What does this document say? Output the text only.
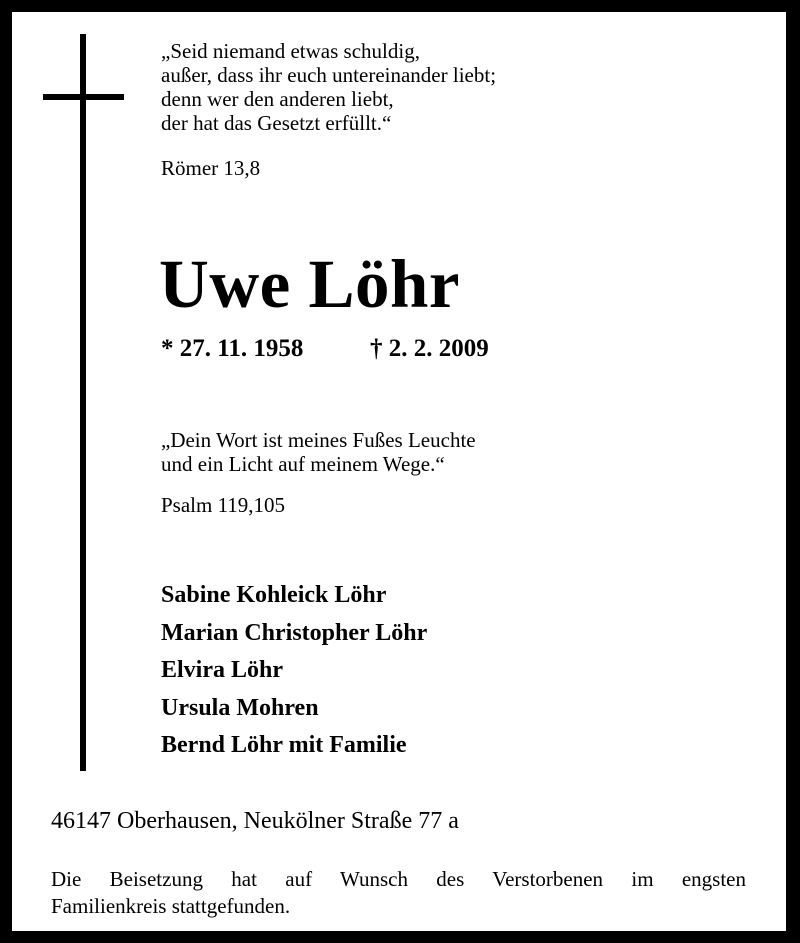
„Seid niemand etwas schuldig,
außer, dass ihr euch untereinander liebt;
denn wer den anderen liebt,
der hat das Gesetzt erfüllt.“
Römer 13,8
Uwe Löhr
* 27. 11. 1958	† 2. 2. 2009
„Dein Wort ist meines Fußes Leuchte
und ein Licht auf meinem Wege.“
Psalm 119,105
Sabine Kohleick Löhr
Marian Christopher Löhr
Elvira Löhr
Ursula Mohren
Bernd Löhr mit Familie
46147 Oberhausen, Neukölner Straße 77 a
Die Beisetzung hat auf Wunsch des Verstorbenen im engsten
Familienkreis stattgefunden.
